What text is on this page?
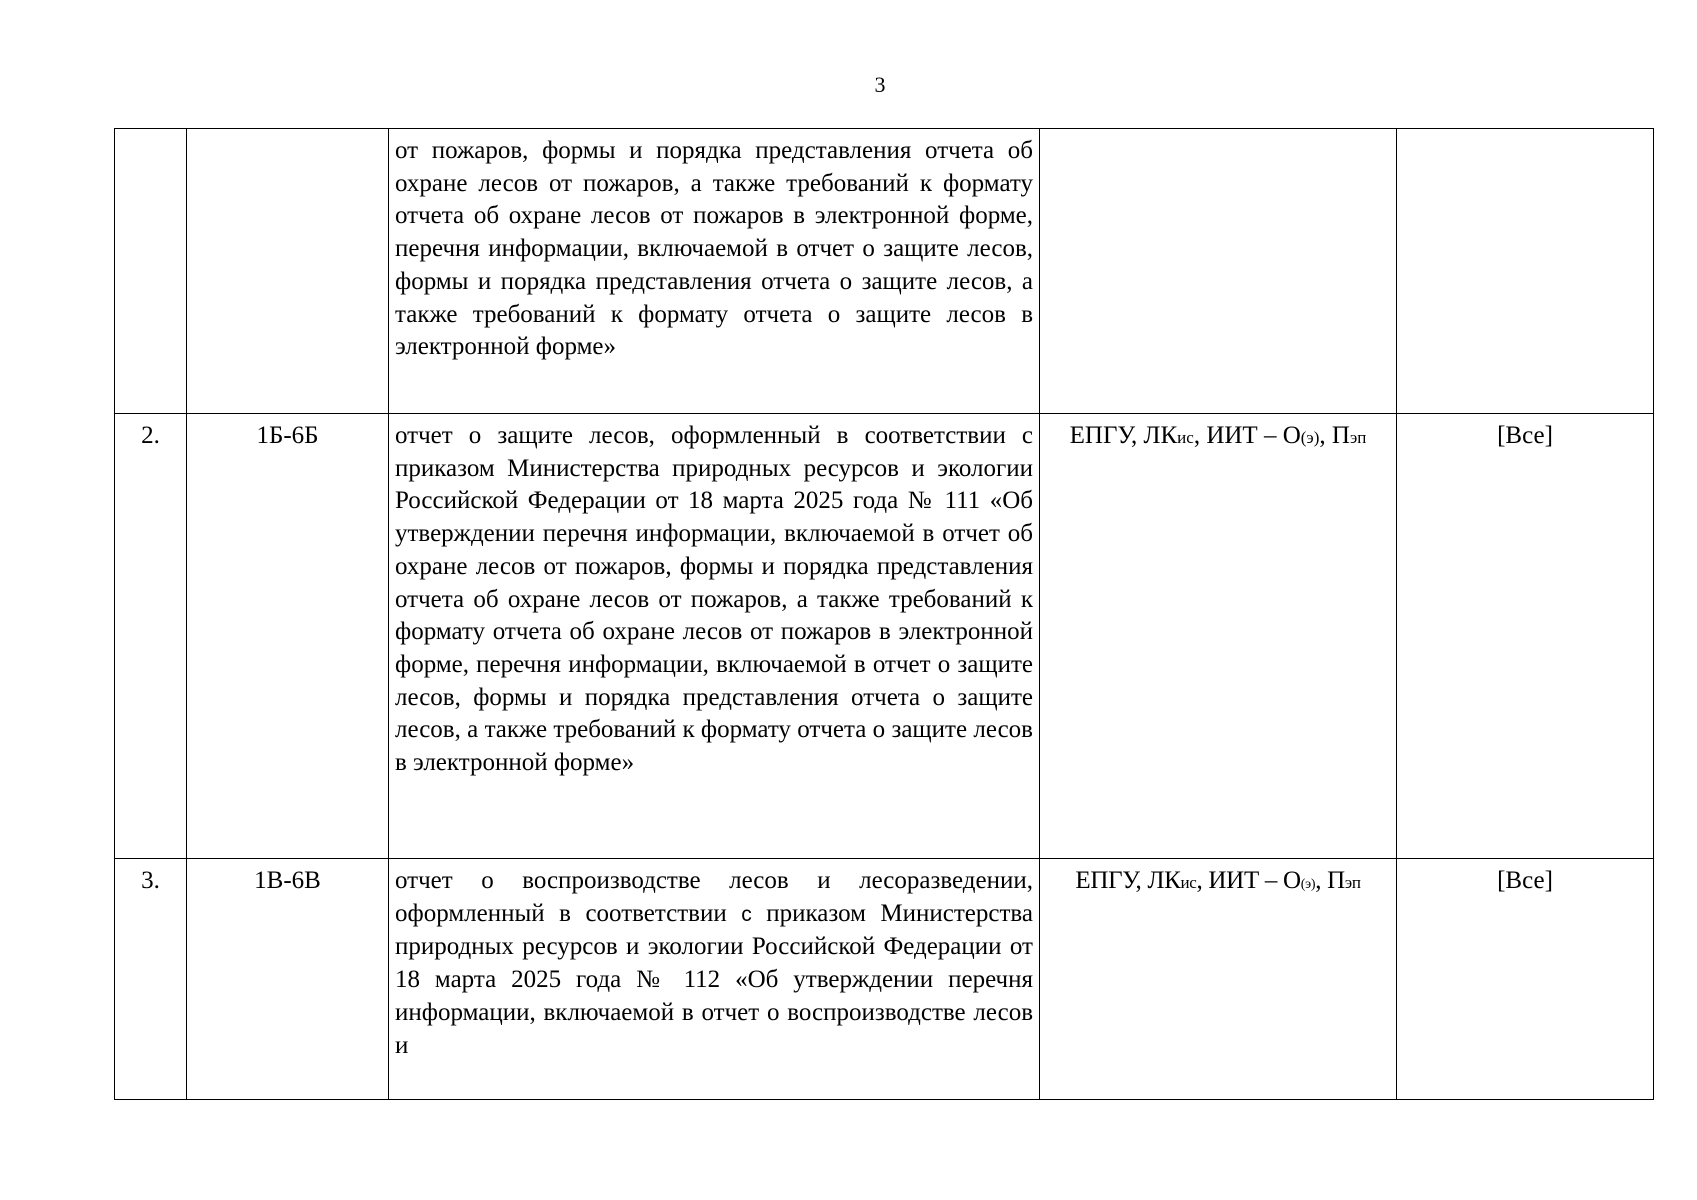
3
		от пожаров, формы и порядка представления отчета об охране лесов от пожаров, а также требований к формату отчета об охране лесов от пожаров в электронной форме, перечня информации, включаемой в отчет о защите лесов, формы и порядка представления отчета о защите лесов, а также требований к формату отчета о защите лесов в электронной форме»		
2.	1Б-6Б	отчет о защите лесов, оформленный в соответствии с приказом Министерства природных ресурсов и экологии Российской Федерации от 18 марта 2025 года № 111 «Об утверждении перечня информации, включаемой в отчет об охране лесов от пожаров, формы и порядка представления отчета об охране лесов от пожаров, а также требований к формату отчета об охране лесов от пожаров в электронной форме, перечня информации, включаемой в отчет о защите лесов, формы и порядка представления отчета о защите лесов, а также требований к формату отчета о защите лесов в электронной форме»	ЕПГУ, ЛКис, ИИТ – О(э), Пэп	[Все]
3.	1В-6В	отчет о воспроизводстве лесов и лесоразведении, оформленный в соответствии с приказом Министерства природных ресурсов и экологии Российской Федерации от 18 марта 2025 года № 112 «Об утверждении перечня информации, включаемой в отчет о воспроизводстве лесов и	ЕПГУ, ЛКис, ИИТ – О(э), Пэп	[Все]
